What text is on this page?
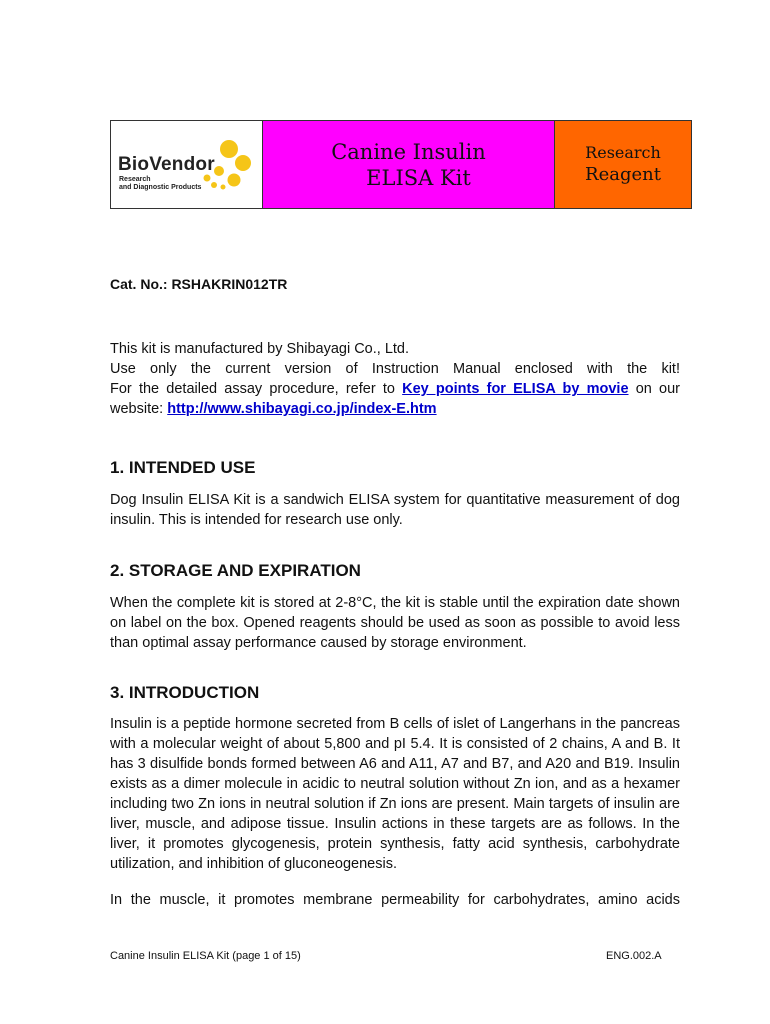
BioVendor
Research
and Diagnostic Products
Canine Insulin
ELISA Kit
Research
Reagent
Cat. No.: RSHAKRIN012TR

This kit is manufactured by Shibayagi Co., Ltd.

Use only the current version of Instruction Manual enclosed with the kit!

For the detailed assay procedure, refer to Key points for ELISA by movie on our

website: http://www.shibayagi.co.jp/index-E.htm

1. INTENDED USE
Dog Insulin ELISA Kit is a sandwich ELISA system for quantitative measurement of dog insulin. This is intended for research use only.
2. STORAGE AND EXPIRATION
When the complete kit is stored at 2-8°C, the kit is stable until the expiration date shown on label on the box. Opened reagents should be used as soon as possible to avoid less than optimal assay performance caused by storage environment.
3. INTRODUCTION
Insulin is a peptide hormone secreted from B cells of islet of Langerhans in the pancreas with a molecular weight of about 5,800 and pI 5.4. It is consisted of 2 chains, A and B. It has 3 disulfide bonds formed between A6 and A11, A7 and B7, and A20 and B19. Insulin exists as a dimer molecule in acidic to neutral solution without Zn ion, and as a hexamer including two Zn ions in neutral solution if Zn ions are present. Main targets of insulin are liver, muscle, and adipose tissue. Insulin actions in these targets are as follows. In the liver, it promotes glycogenesis, protein synthesis, fatty acid synthesis, carbohydrate utilization, and inhibition of gluconeogenesis.
In the muscle, it promotes membrane permeability for carbohydrates, amino acids
Canine Insulin ELISA Kit (page 1 of 15)	ENG.002.A
